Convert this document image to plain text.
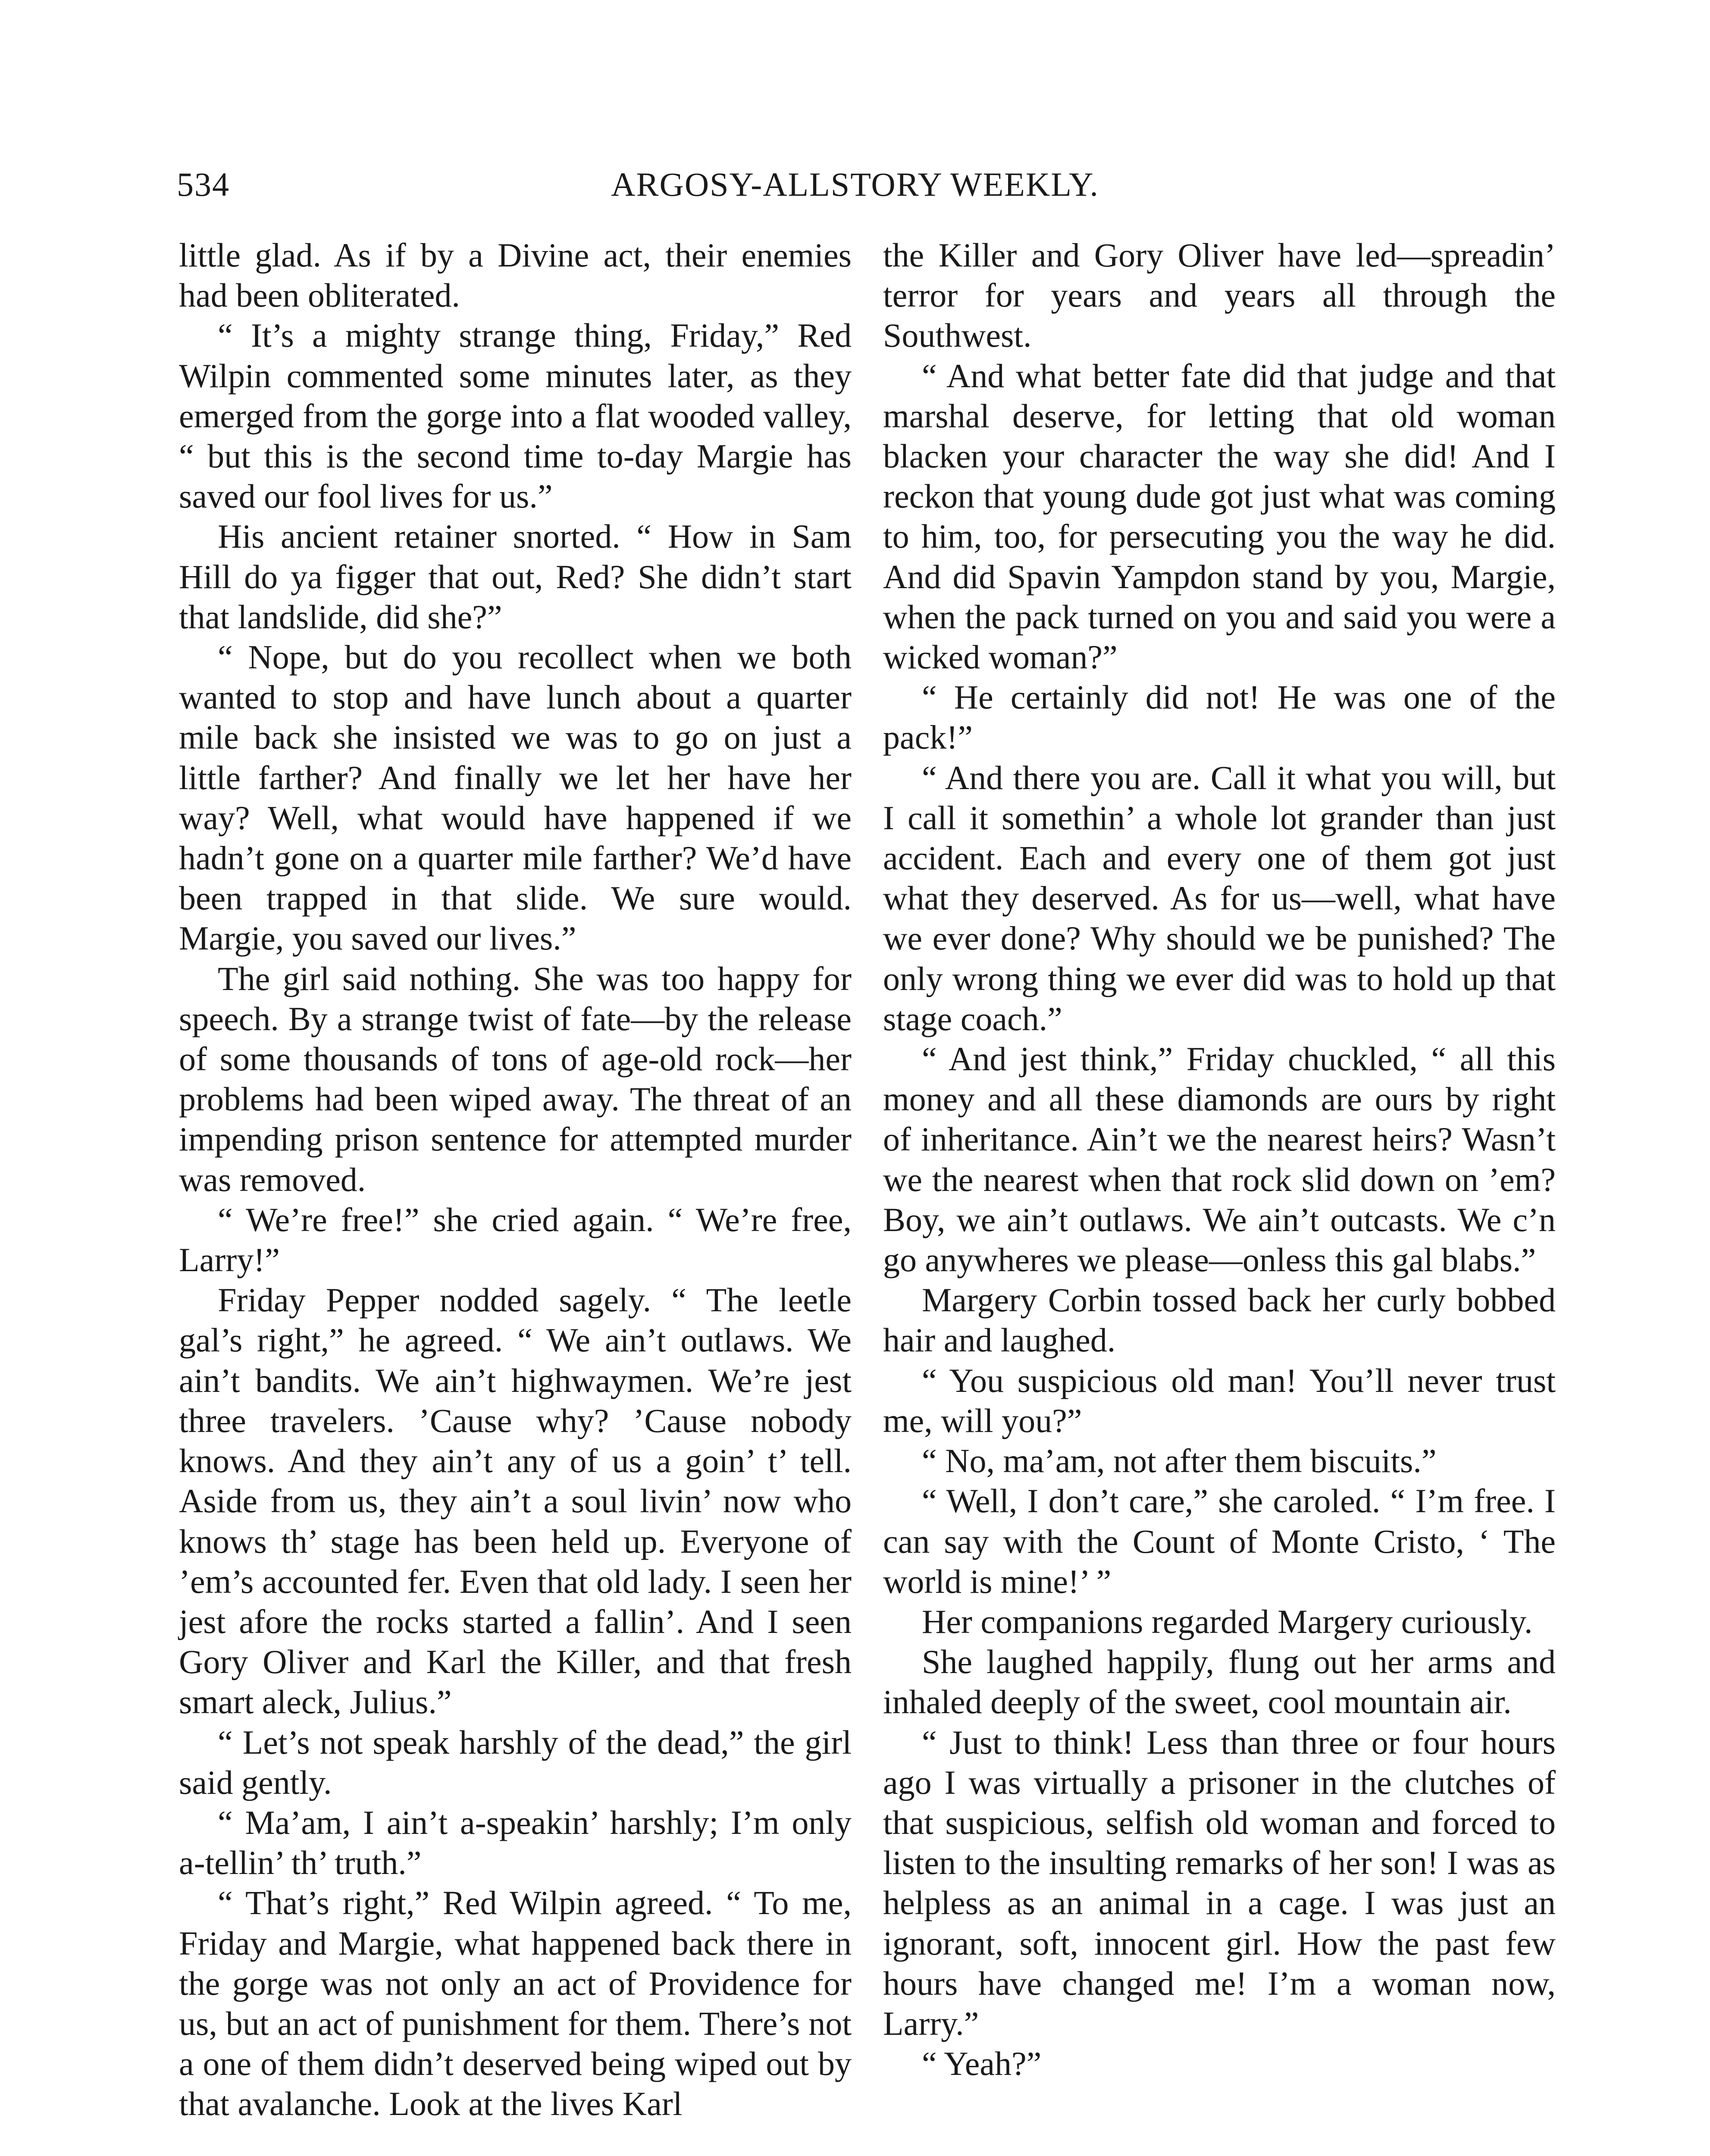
534	ARGOSY-ALLSTORY WEEKLY.

little glad. As if by a Divine act, their enemies had been obliterated.

“ It’s a mighty strange thing, Friday,” Red Wilpin commented some minutes later, as they emerged from the gorge into a flat wooded valley, “ but this is the second time to-day Margie has saved our fool lives for us.”

His ancient retainer snorted. “ How in Sam Hill do ya figger that out, Red? She didn’t start that landslide, did she?”

“ Nope, but do you recollect when we both wanted to stop and have lunch about a quarter mile back she insisted we was to go on just a little farther? And finally we let her have her way? Well, what would have happened if we hadn’t gone on a quarter mile farther? We’d have been trapped in that slide. We sure would. Margie, you saved our lives.”

The girl said nothing. She was too happy for speech. By a strange twist of fate—by the release of some thousands of tons of age-old rock—her problems had been wiped away. The threat of an impending prison sentence for attempted murder was removed.

“ We’re free!” she cried again. “ We’re free, Larry!”

Friday Pepper nodded sagely. “ The leetle gal’s right,” he agreed. “ We ain’t outlaws. We ain’t bandits. We ain’t highwaymen. We’re jest three travelers. ’Cause why? ’Cause nobody knows. And they ain’t any of us a goin’ t’ tell. Aside from us, they ain’t a soul livin’ now who knows th’ stage has been held up. Everyone of ’em’s accounted fer. Even that old lady. I seen her jest afore the rocks started a fallin’. And I seen Gory Oliver and Karl the Killer, and that fresh smart aleck, Julius.”

“ Let’s not speak harshly of the dead,” the girl said gently.

“ Ma’am, I ain’t a-speakin’ harshly; I’m only a-tellin’ th’ truth.”

“ That’s right,” Red Wilpin agreed. “ To me, Friday and Margie, what happened back there in the gorge was not only an act of Providence for us, but an act of punishment for them. There’s not a one of them didn’t deserved being wiped out by that avalanche. Look at the lives Karl

the Killer and Gory Oliver have led—spreadin’ terror for years and years all through the Southwest.

“ And what better fate did that judge and that marshal deserve, for letting that old woman blacken your character the way she did! And I reckon that young dude got just what was coming to him, too, for persecuting you the way he did. And did Spavin Yampdon stand by you, Margie, when the pack turned on you and said you were a wicked woman?”

“ He certainly did not! He was one of the pack!”

“ And there you are. Call it what you will, but I call it somethin’ a whole lot grander than just accident. Each and every one of them got just what they deserved. As for us—well, what have we ever done? Why should we be punished? The only wrong thing we ever did was to hold up that stage coach.”

“ And jest think,” Friday chuckled, “ all this money and all these diamonds are ours by right of inheritance. Ain’t we the nearest heirs? Wasn’t we the nearest when that rock slid down on ’em? Boy, we ain’t outlaws. We ain’t outcasts. We c’n go anywheres we please—onless this gal blabs.”

Margery Corbin tossed back her curly bobbed hair and laughed.

“ You suspicious old man! You’ll never trust me, will you?”

“ No, ma’am, not after them biscuits.”

“ Well, I don’t care,” she caroled. “ I’m free. I can say with the Count of Monte Cristo, ‘ The world is mine!’ ”

Her companions regarded Margery curiously.

She laughed happily, flung out her arms and inhaled deeply of the sweet, cool mountain air.

“ Just to think! Less than three or four hours ago I was virtually a prisoner in the clutches of that suspicious, selfish old woman and forced to listen to the insulting remarks of her son! I was as helpless as an animal in a cage. I was just an ignorant, soft, innocent girl. How the past few hours have changed me! I’m a woman now, Larry.”

“ Yeah?”
